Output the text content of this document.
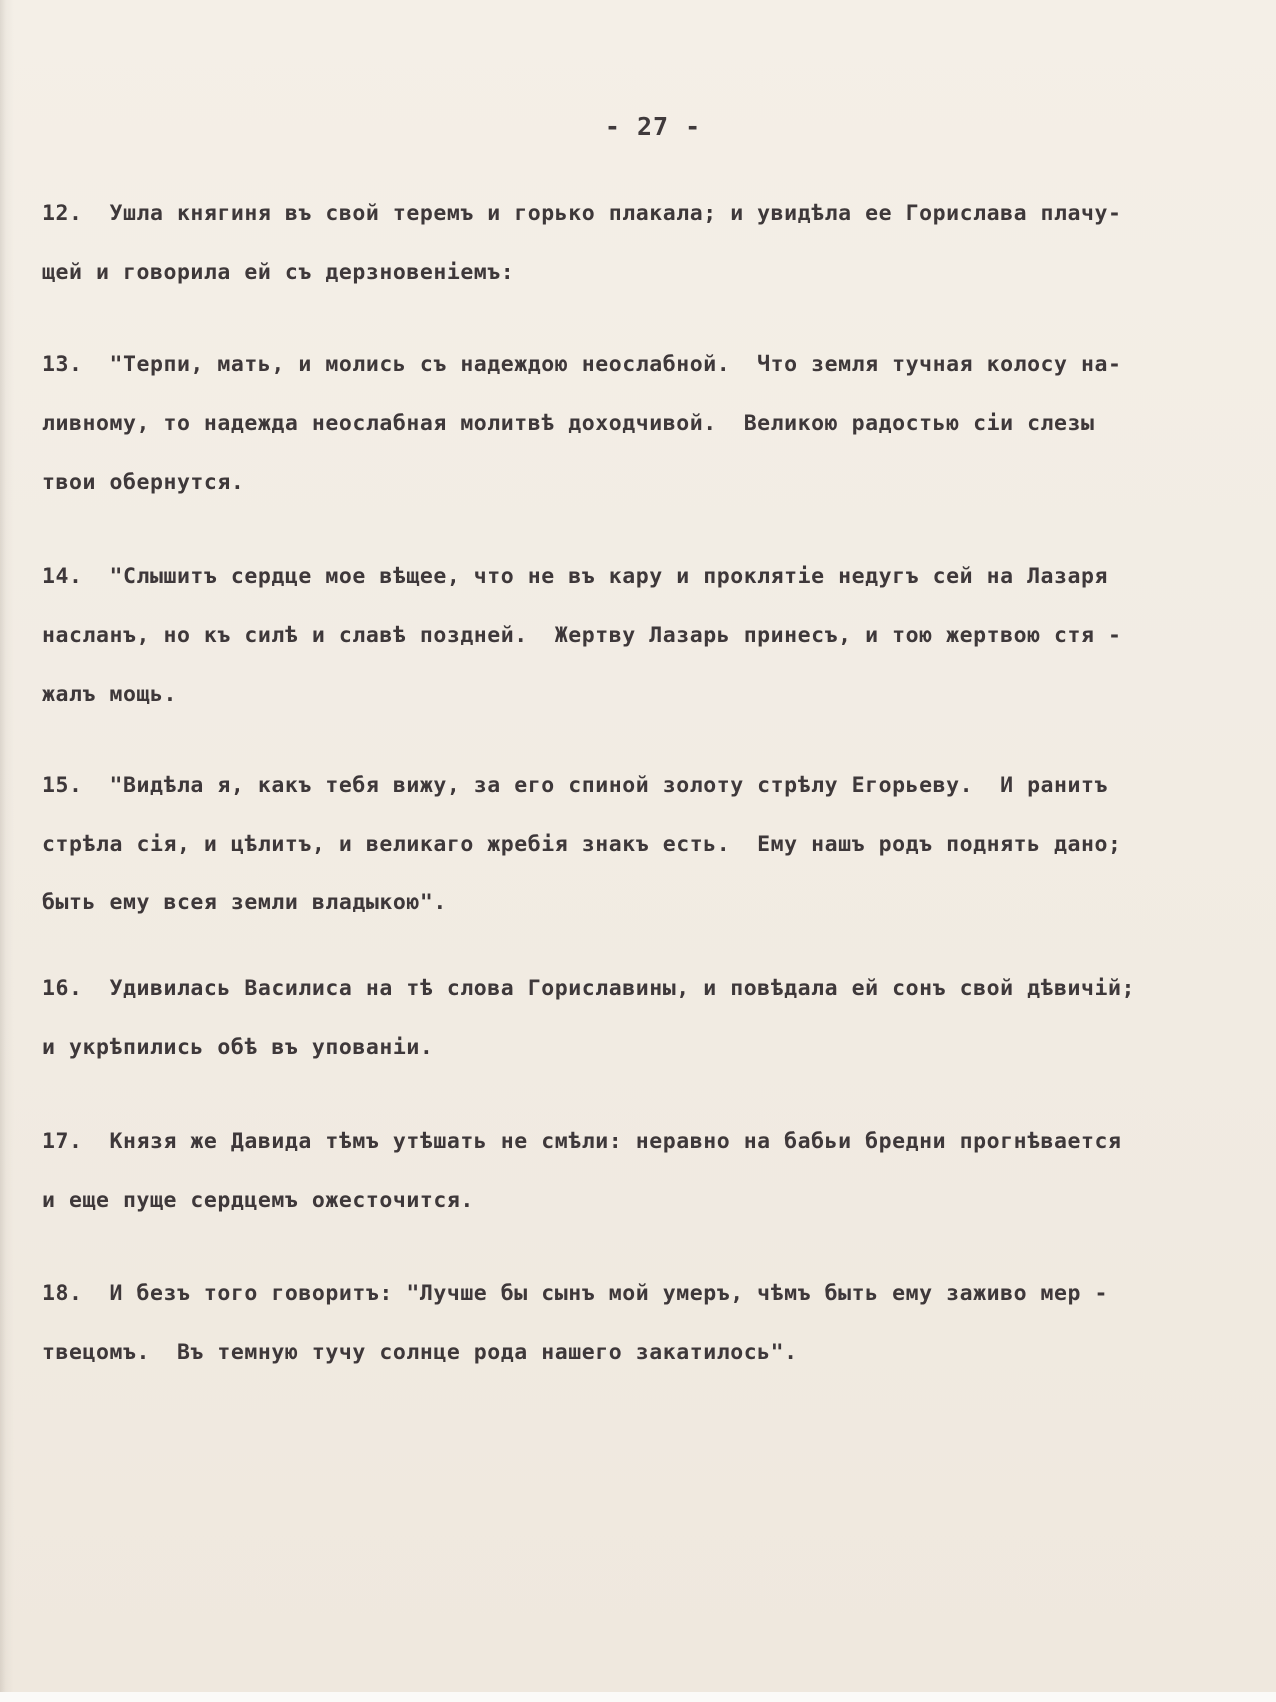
- 27 -
12.  Ушла княгиня въ свой теремъ и горько плакала; и увидѣла ее Горислава плачу-
щей и говорила ей съ дерзновенiемъ:
13.  "Терпи, мать, и молись съ надеждою неослабной.  Что земля тучная колосу на-
ливному, то надежда неослабная молитвѣ доходчивой.  Великою радостью сiи слезы
твои обернутся.
14.  "Слышитъ сердце мое вѣщее, что не въ кару и проклятiе недугъ сей на Лазаря
насланъ, но къ силѣ и славѣ поздней.  Жертву Лазарь принесъ, и тою жертвою стя -
жалъ мощь.
15.  "Видѣла я, какъ тебя вижу, за его спиной золоту стрѣлу Егорьеву.  И ранитъ
стрѣла сiя, и цѣлитъ, и великаго жребiя знакъ есть.  Ему нашъ родъ поднять дано;
быть ему всея земли владыкою".
16.  Удивилась Василиса на тѣ слова Гориславины, и повѣдала ей сонъ свой дѣвичiй;
и укрѣпились обѣ въ упованiи.
17.  Князя же Давида тѣмъ утѣшать не смѣли: неравно на бабьи бредни прогнѣвается
и еще пуще сердцемъ ожесточится.
18.  И безъ того говоритъ: "Лучше бы сынъ мой умеръ, чѣмъ быть ему заживо мер -
твецомъ.  Въ темную тучу солнце рода нашего закатилось".
